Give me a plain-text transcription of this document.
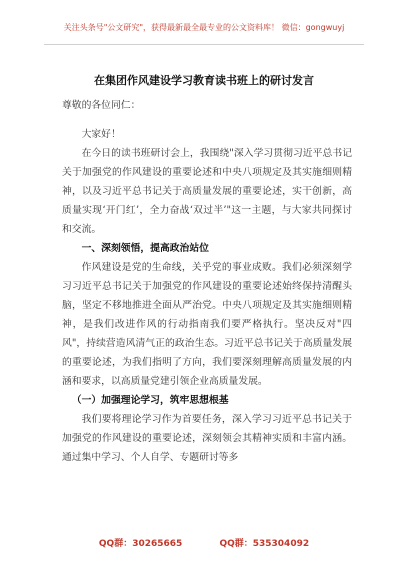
关注头条号"公文研究"，获得最新最全最专业的公文资料库！ 微信：gongwuyj
在集团作风建设学习教育读书班上的研讨发言

尊敬的各位同仁：

大家好！

在今日的读书班研讨会上，我围绕"深入学习贯彻习近平总书记关于加强党的作风建设的重要论述和中央八项规定及其实施细则精神，以及习近平总书记关于高质量发展的重要论述，实干创新，高质量实现‘开门红’，全力奋战‘双过半’"这一主题，与大家共同探讨和交流。

一、深刻领悟，提高政治站位

作风建设是党的生命线，关乎党的事业成败。我们必须深刻学习习近平总书记关于加强党的作风建设的重要论述始终保持清醒头脑，坚定不移地推进全面从严治党。中央八项规定及其实施细则精神，是我们改进作风的行动指南我们要严格执行。坚决反对"四风"，持续营造风清气正的政治生态。习近平总书记关于高质量发展的重要论述，为我们指明了方向，我们要深刻理解高质量发展的内涵和要求，以高质量党建引领企业高质量发展。

（一）加强理论学习，筑牢思想根基

我们要将理论学习作为首要任务，深入学习习近平总书记关于加强党的作风建设的重要论述，深刻领会其精神实质和丰富内涵。通过集中学习、个人自学、专题研讨等多

QQ群：30265665	QQ群：535304092
